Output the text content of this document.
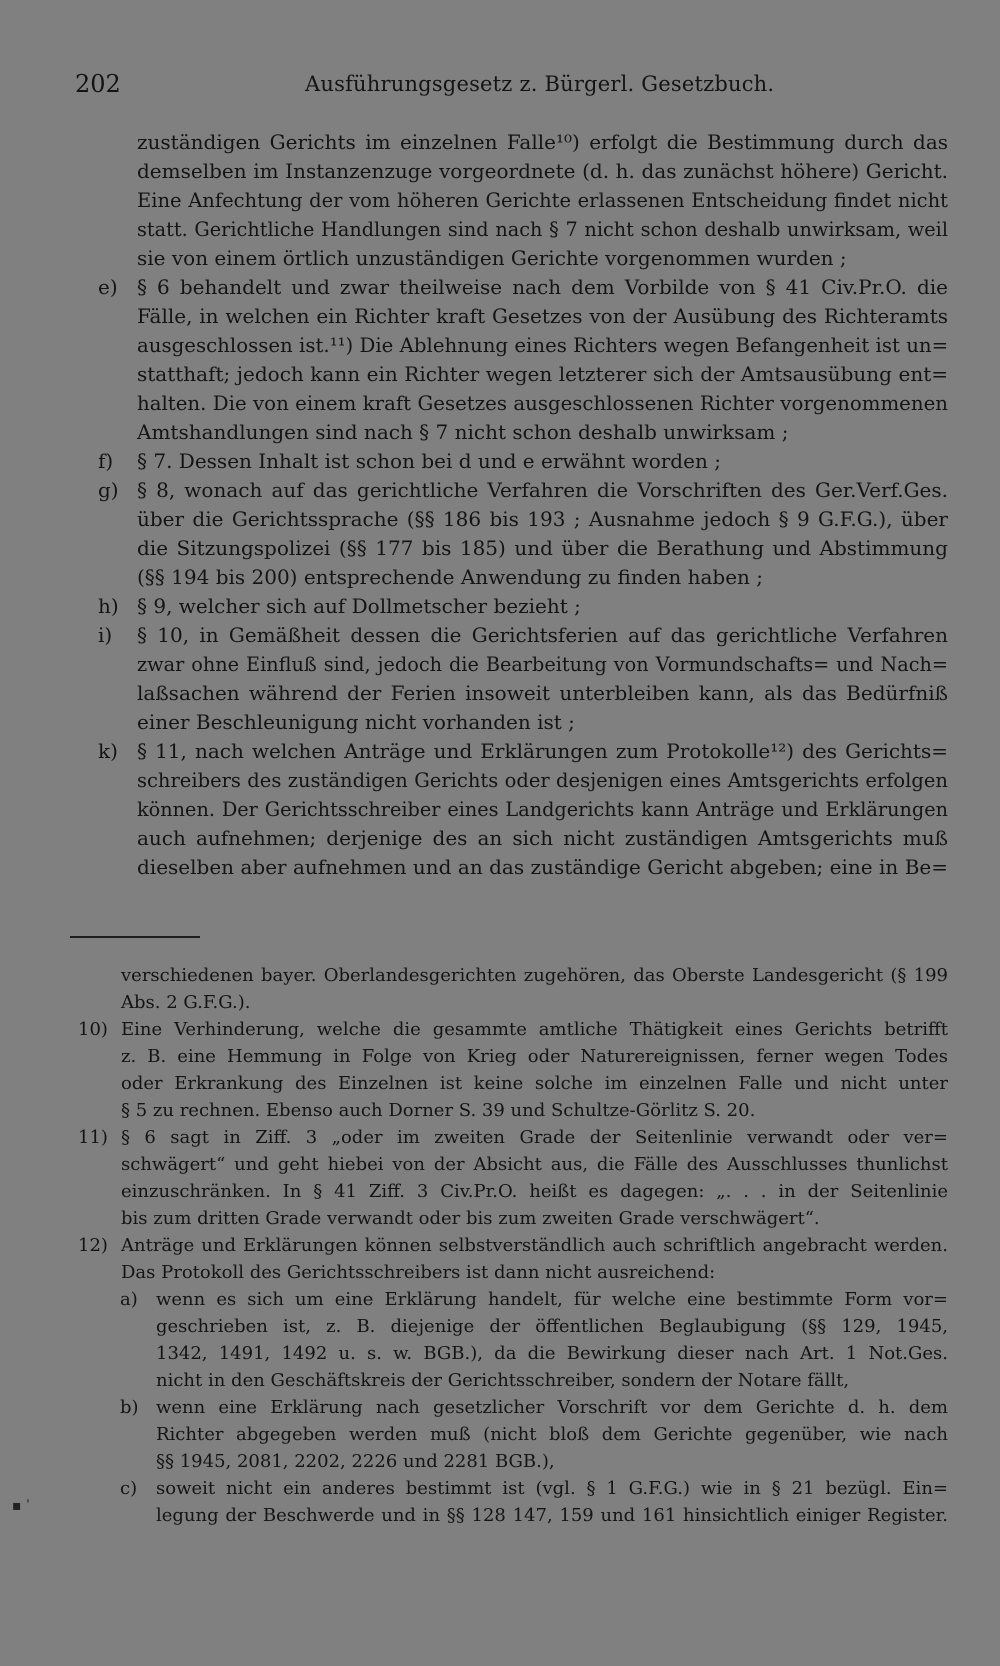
202	Ausführungsgesetz z. Bürgerl. Gesetzbuch.
zuständigen Gerichts im einzelnen Falle¹⁰) erfolgt die Bestimmung durch das
demselben im Instanzenzuge vorgeordnete (d. h. das zunächst höhere) Gericht.
Eine Anfechtung der vom höheren Gerichte erlassenen Entscheidung findet nicht
statt. Gerichtliche Handlungen sind nach § 7 nicht schon deshalb unwirksam, weil
sie von einem örtlich unzuständigen Gerichte vorgenommen wurden ;
e) § 6 behandelt und zwar theilweise nach dem Vorbilde von § 41 Civ.Pr.O. die
Fälle, in welchen ein Richter kraft Gesetzes von der Ausübung des Richteramts
ausgeschlossen ist.¹¹) Die Ablehnung eines Richters wegen Befangenheit ist un=
statthaft; jedoch kann ein Richter wegen letzterer sich der Amtsausübung ent=
halten. Die von einem kraft Gesetzes ausgeschlossenen Richter vorgenommenen
Amtshandlungen sind nach § 7 nicht schon deshalb unwirksam ;
f) § 7. Dessen Inhalt ist schon bei d und e erwähnt worden ;
g) § 8, wonach auf das gerichtliche Verfahren die Vorschriften des Ger.Verf.Ges.
über die Gerichtssprache (§§ 186 bis 193 ; Ausnahme jedoch § 9 G.F.G.), über
die Sitzungspolizei (§§ 177 bis 185) und über die Berathung und Abstimmung
(§§ 194 bis 200) entsprechende Anwendung zu finden haben ;
h) § 9, welcher sich auf Dollmetscher bezieht ;
i) § 10, in Gemäßheit dessen die Gerichtsferien auf das gerichtliche Verfahren
zwar ohne Einfluß sind, jedoch die Bearbeitung von Vormundschafts= und Nach=
laßsachen während der Ferien insoweit unterbleiben kann, als das Bedürfniß
einer Beschleunigung nicht vorhanden ist ;
k) § 11, nach welchen Anträge und Erklärungen zum Protokolle¹²) des Gerichts=
schreibers des zuständigen Gerichts oder desjenigen eines Amtsgerichts erfolgen
können. Der Gerichtsschreiber eines Landgerichts kann Anträge und Erklärungen
auch aufnehmen; derjenige des an sich nicht zuständigen Amtsgerichts muß
dieselben aber aufnehmen und an das zuständige Gericht abgeben; eine in Be=
verschiedenen bayer. Oberlandesgerichten zugehören, das Oberste Landesgericht (§ 199
Abs. 2 G.F.G.).
10) Eine Verhinderung, welche die gesammte amtliche Thätigkeit eines Gerichts betrifft
z. B. eine Hemmung in Folge von Krieg oder Naturereignissen, ferner wegen Todes
oder Erkrankung des Einzelnen ist keine solche im einzelnen Falle und nicht unter
§ 5 zu rechnen. Ebenso auch Dorner S. 39 und Schultze-Görlitz S. 20.
11) § 6 sagt in Ziff. 3 „oder im zweiten Grade der Seitenlinie verwandt oder ver=
schwägert“ und geht hiebei von der Absicht aus, die Fälle des Ausschlusses thunlichst
einzuschränken. In § 41 Ziff. 3 Civ.Pr.O. heißt es dagegen: „. . . in der Seitenlinie
bis zum dritten Grade verwandt oder bis zum zweiten Grade verschwägert“.
12) Anträge und Erklärungen können selbstverständlich auch schriftlich angebracht werden.
Das Protokoll des Gerichtsschreibers ist dann nicht ausreichend:
a) wenn es sich um eine Erklärung handelt, für welche eine bestimmte Form vor=
geschrieben ist, z. B. diejenige der öffentlichen Beglaubigung (§§ 129, 1945,
1342, 1491, 1492 u. s. w. BGB.), da die Bewirkung dieser nach Art. 1 Not.Ges.
nicht in den Geschäftskreis der Gerichtsschreiber, sondern der Notare fällt,
b) wenn eine Erklärung nach gesetzlicher Vorschrift vor dem Gerichte d. h. dem
Richter abgegeben werden muß (nicht bloß dem Gerichte gegenüber, wie nach
§§ 1945, 2081, 2202, 2226 und 2281 BGB.),
c) soweit nicht ein anderes bestimmt ist (vgl. § 1 G.F.G.) wie in § 21 bezügl. Ein=
legung der Beschwerde und in §§ 128 147, 159 und 161 hinsichtlich einiger Register.
▪ ˈ
